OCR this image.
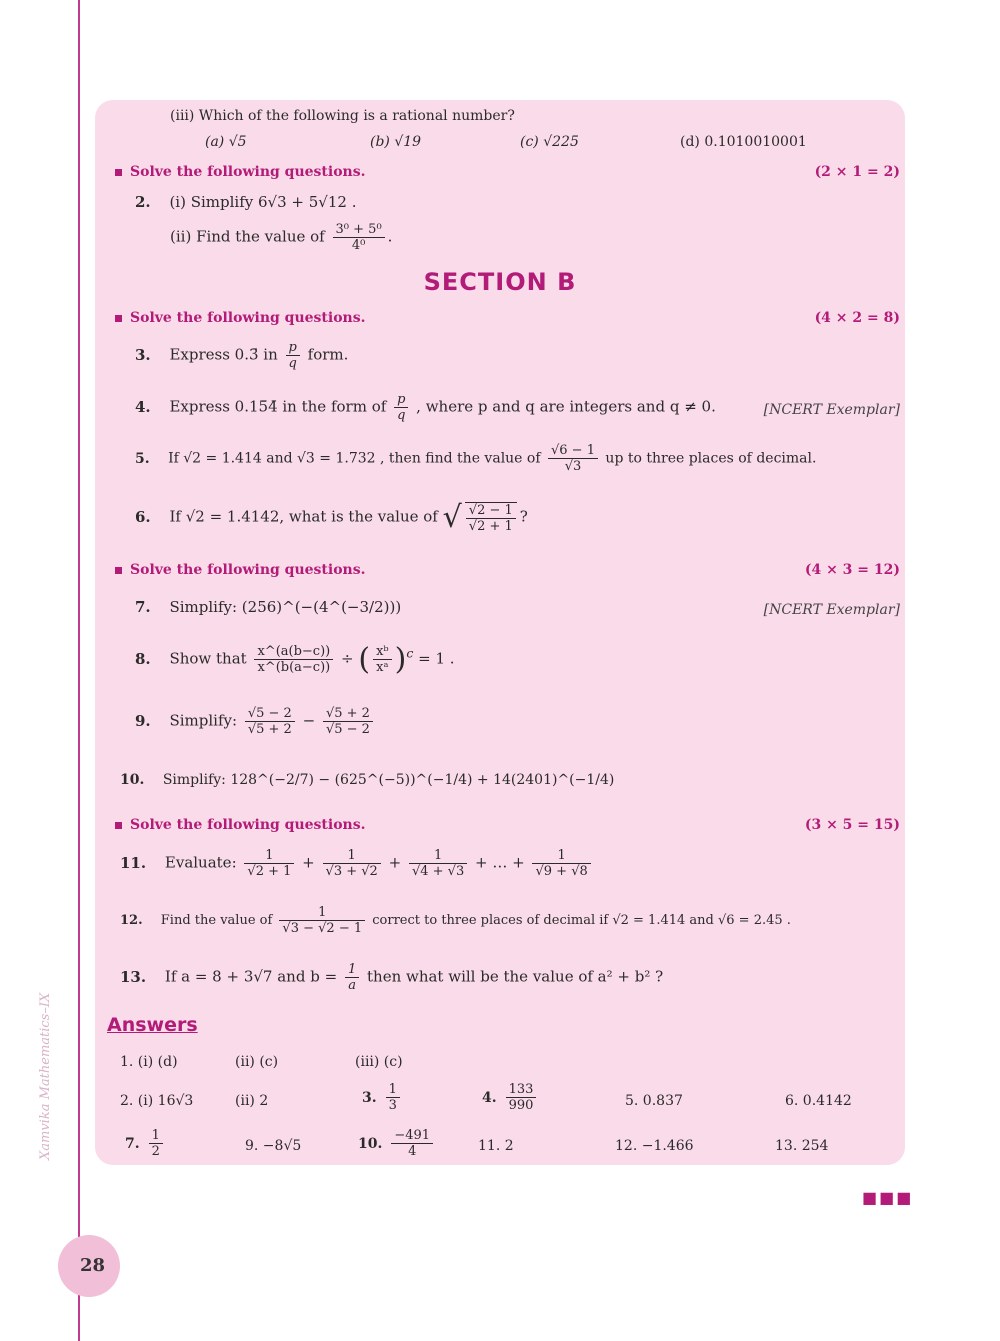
Xamvika Mathematics–IX
28
(iii) Which of the following is a rational number?
(a) √5	(b) √19	(c) √225	(d) 0.1010010001
Solve the following questions.	(2 × 1 = 2)
2. (i) Simplify 6√3 + 5√12 .
(ii) Find the value of $\frac{\text{3⁰ + 5⁰}}{\text{4⁰}}$ .
SECTION B
Solve the following questions.	(4 × 2 = 8)
3. Express 0.3̄ in $\frac{p}{q}$ form.
4. Express 0.15̄4̄ in the form of $\frac{p}{q}$ , where p and q are integers and q ≠ 0.	[NCERT Exemplar]
5. If √2 = 1.414 and √3 = 1.732 , then find the value of $\frac{√6 - 1}{√3}$ up to three places of decimal.
6. If √2 = 1.4142, what is the value of √ $\frac{√2 - 1}{√2 + 1}$ ?
Solve the following questions.	(4 × 3 = 12)
7. Simplify: (256)^(−(4^(−3/2)))	[NCERT Exemplar]
8. Show that $\frac{x\^{}(a(b-c))}{x\^{}(b(a-c))}$ ÷ ( $\frac{\text{xᵇ}}{\text{xᵃ}} )^c = 1$ .
9. Simplify: $\frac{√5 - 2}{√5 + 2} - \frac{√5 + 2}{√5 - 2}$
10. Simplify: 128^(−2/7) − (625^(−5))^(−1/4) + 14(2401)^(−1/4)
Solve the following questions.	(3 × 5 = 15)
11. Evaluate: $\frac{1}{√2 + 1} + \frac{1}{√3 + √2} + \frac{1}{√4 + √3}$ + … + $\frac{1}{√9 + √8}$
12. Find the value of $\frac{1}{√3 - √2 - 1}$ correct to three places of decimal if √2 = 1.414 and √6 = 2.45 .
13. If a = 8 + 3√7 and $b = \frac{1}{a}$ then what will be the value of a² + b² ?
Answers
1. (i) (d)	(ii) (c)	(iii) (c)
2. (i) 16√3	(ii) 2	3. $\frac{1}{3}$	4. $\frac{133}{990}$	5. 0.837	6. 0.4142
7. $\frac{1}{2}$	9. −8√5	10. $\frac{-491}{4}$	11. 2	12. −1.466	13. 254
■■■
